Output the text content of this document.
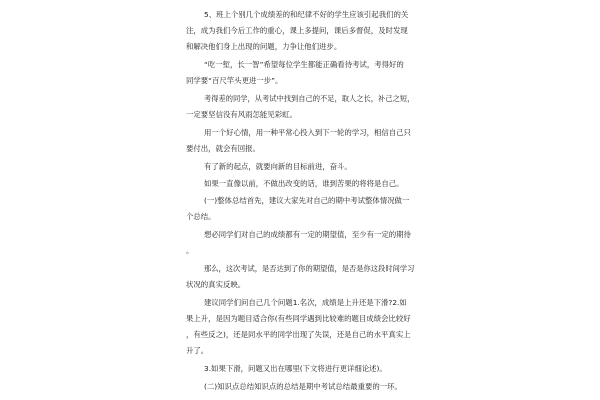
5、班上个别几个成绩差的和纪律不好的学生应该引起我们的关
注，成为我们今后工作的重心，课上多提问，课后多督促，及时发现
和解决他们身上出现的问题，力争让他们进步。
“吃一堑，长一智”希望每位学生都能正确看待考试，考得好的
同学要“百尺竿头更进一步”。
考得差的同学，从考试中找到自己的不足，取人之长，补己之短，
一定要坚信没有风雨怎能见彩虹。
用一个好心情，用一种平常心投入到下一轮的学习，相信自己只
要付出，就会有回报。
有了新的起点，就要向新的目标前进，奋斗。
如果一直像以前，不做出改变的话，谁到苦果的将将是自己。
(一)整体总结首先，建议大家先对自己的期中考试整体情况做一
个总结。
想必同学们对自己的成绩都有一定的期望值，至少有一定的期待
。
那么，这次考试，是否达到了你的期望值，是否是你这段时间学习
状况的真实反映。
建议同学们问自己几个问题1.名次，成绩是上升还是下滑?2.如
果上升，是因为题目适合你(有些同学遇到比较难的题目成绩会比较好
，有些反之)，还是同水平的同学出现了失误，还是自己的水平真实上
升了。
3.如果下滑，问题又出在哪里(下文将进行更详细论述)。
(二)知识点总结知识点的总结是期中考试总结最重要的一环。
